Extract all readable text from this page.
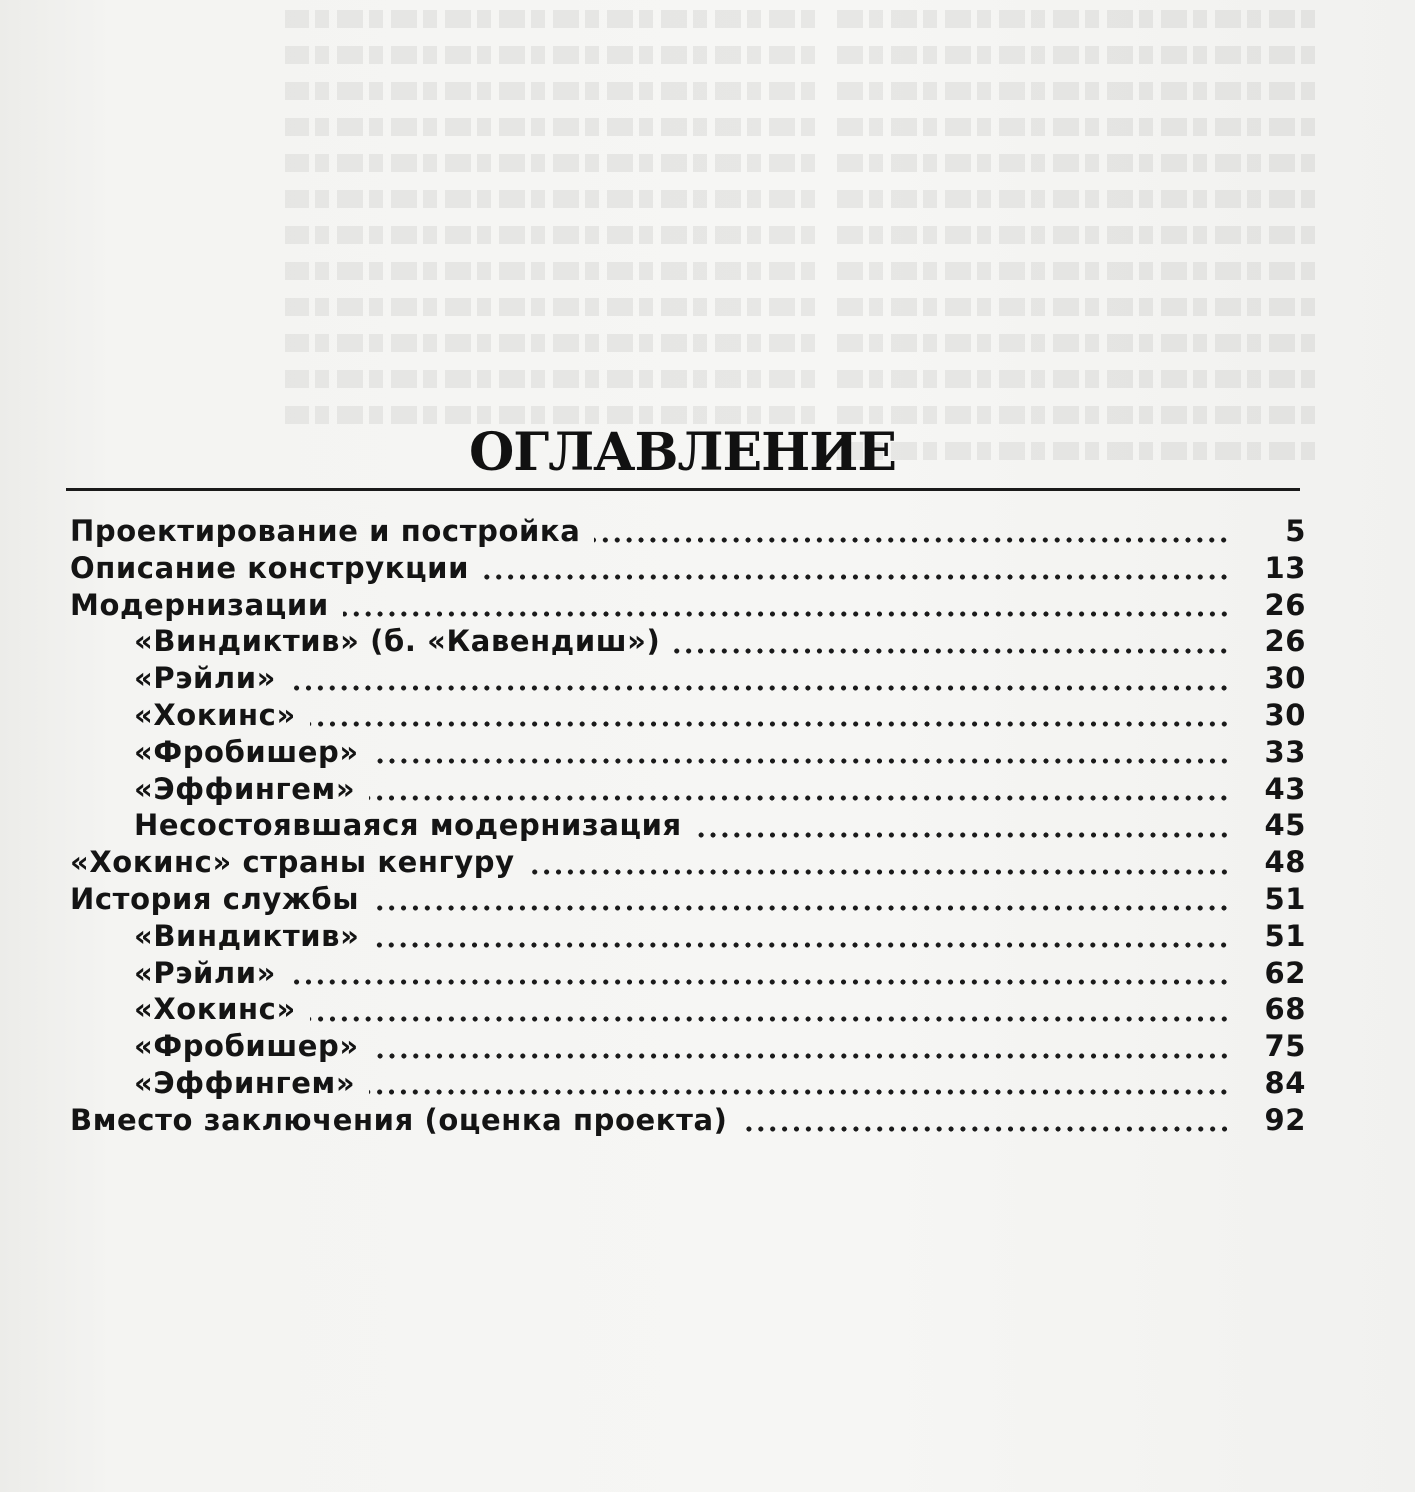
ОГЛАВЛЕНИЕ
Проектирование и постройка	5
Описание конструкции	13
Модернизации	26
«Виндиктив» (б. «Кавендиш»)	26
«Рэйли»	30
«Хокинс»	30
«Фробишер»	33
«Эффингем»	43
Несостоявшаяся модернизация	45
«Хокинс» страны кенгуру	48
История службы	51
«Виндиктив»	51
«Рэйли»	62
«Хокинс»	68
«Фробишер»	75
«Эффингем»	84
Вместо заключения (оценка проекта)	92
